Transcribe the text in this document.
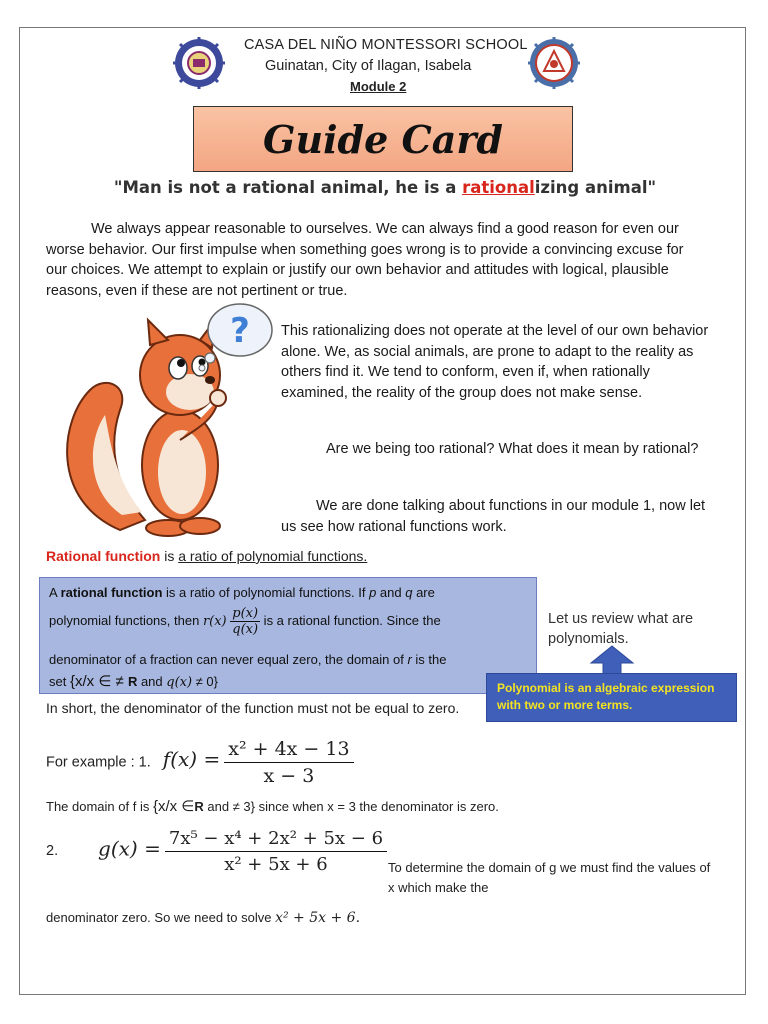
CASA DEL NIÑO MONTESSORI SCHOOL
Guinatan, City of Ilagan, Isabela
Module 2
Guide Card
"Man is not a rational animal, he is a rationalizing animal"
We always appear reasonable to ourselves. We can always find a good reason for even our worse behavior. Our first impulse when something goes wrong is to provide a convincing excuse for our choices. We attempt to explain or justify our own behavior and attitudes with logical, plausible reasons, even if these are not pertinent or true.
? This rationalizing does not operate at the level of our own behavior alone. We, as social animals, are prone to adapt to the reality as others find it. We tend to conform, even if, when rationally examined, the reality of the group does not make sense.
Are we being too rational? What does it mean by rational?
We are done talking about functions in our module 1, now let us see how rational functions work.
Rational function is a ratio of polynomial functions.
A rational function is a ratio of polynomial functions. If p and q are
polynomial functions, then $r(x) \frac{p(x)}{q(x)}$ is a rational function. Since the
denominator of a fraction can never equal zero, the domain of r is the
set {x/x ∈ ≠ R and q(x) ≠ 0}
Let us review what are polynomials.
Polynomial is an algebraic expression with two or more terms.
In short, the denominator of the function must not be equal to zero.
For example : 1. $f(x) = \frac{\text{x² + 4x − 13}}{x - 3}$
The domain of f is {x/x ∈R and ≠ 3} since when x = 3 the denominator is zero.
2. $g(x) = \frac{\text{7x⁵ − x⁴ + 2x² + 5x − 6}}{\text{x² + 5x + 6}}$ To determine the domain of g we must find the values of x which make the
denominator zero. So we need to solve x² + 5x + 6.
